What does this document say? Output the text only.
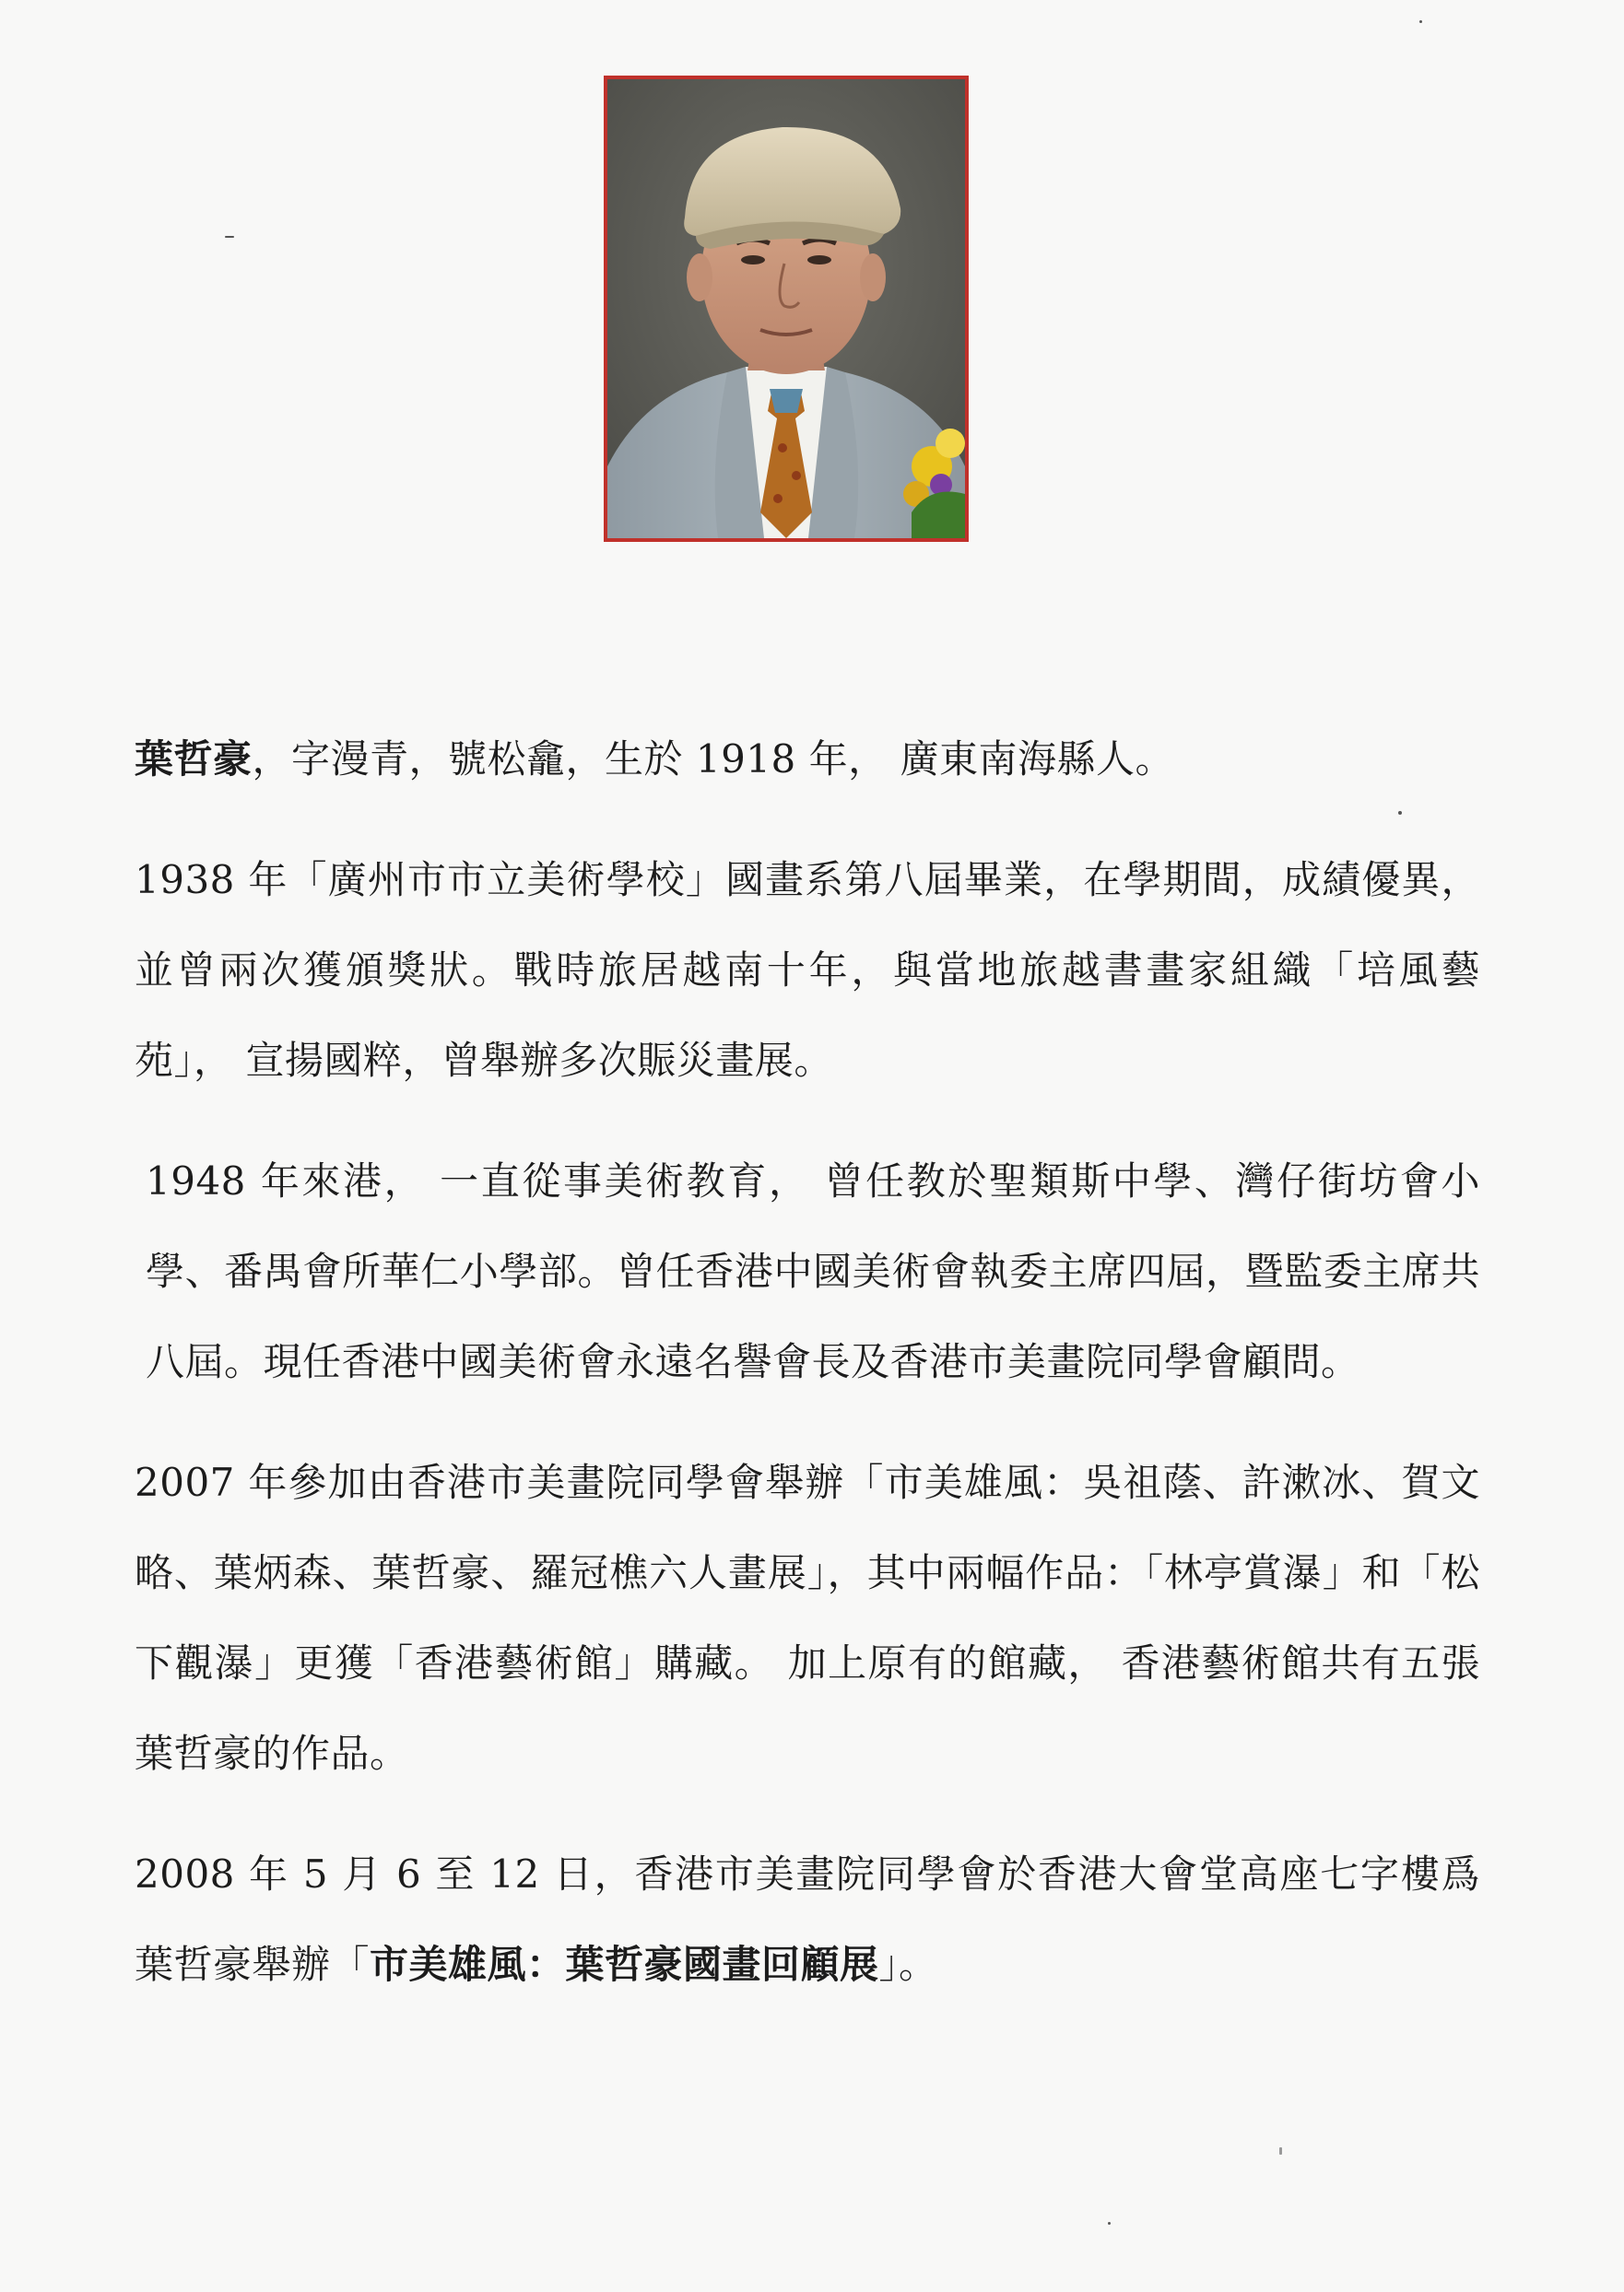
葉哲豪，字漫青，號松龕，生於 1918 年， 廣東南海縣人。

1938 年「廣州市市立美術學校」國畫系第八屆畢業，在學期間，成績優異，並曾兩次獲頒獎狀。戰時旅居越南十年，與當地旅越書畫家組織「培風藝苑」， 宣揚國粹，曾舉辦多次賑災畫展。

1948 年來港， 一直從事美術教育， 曾任教於聖類斯中學、灣仔街坊會小學、番禺會所華仁小學部。曾任香港中國美術會執委主席四屆，暨監委主席共八屆。現任香港中國美術會永遠名譽會長及香港市美畫院同學會顧問。

2007 年參加由香港市美畫院同學會舉辦「市美雄風：吳祖蔭、許漱冰、賀文略、葉炳森、葉哲豪、羅冠樵六人畫展」，其中兩幅作品：「林亭賞瀑」和「松下觀瀑」更獲「香港藝術館」購藏。 加上原有的館藏， 香港藝術館共有五張葉哲豪的作品。

2008 年 5 月 6 至 12 日，香港市美畫院同學會於香港大會堂高座七字樓爲葉哲豪舉辦「市美雄風：葉哲豪國畫回顧展」。
